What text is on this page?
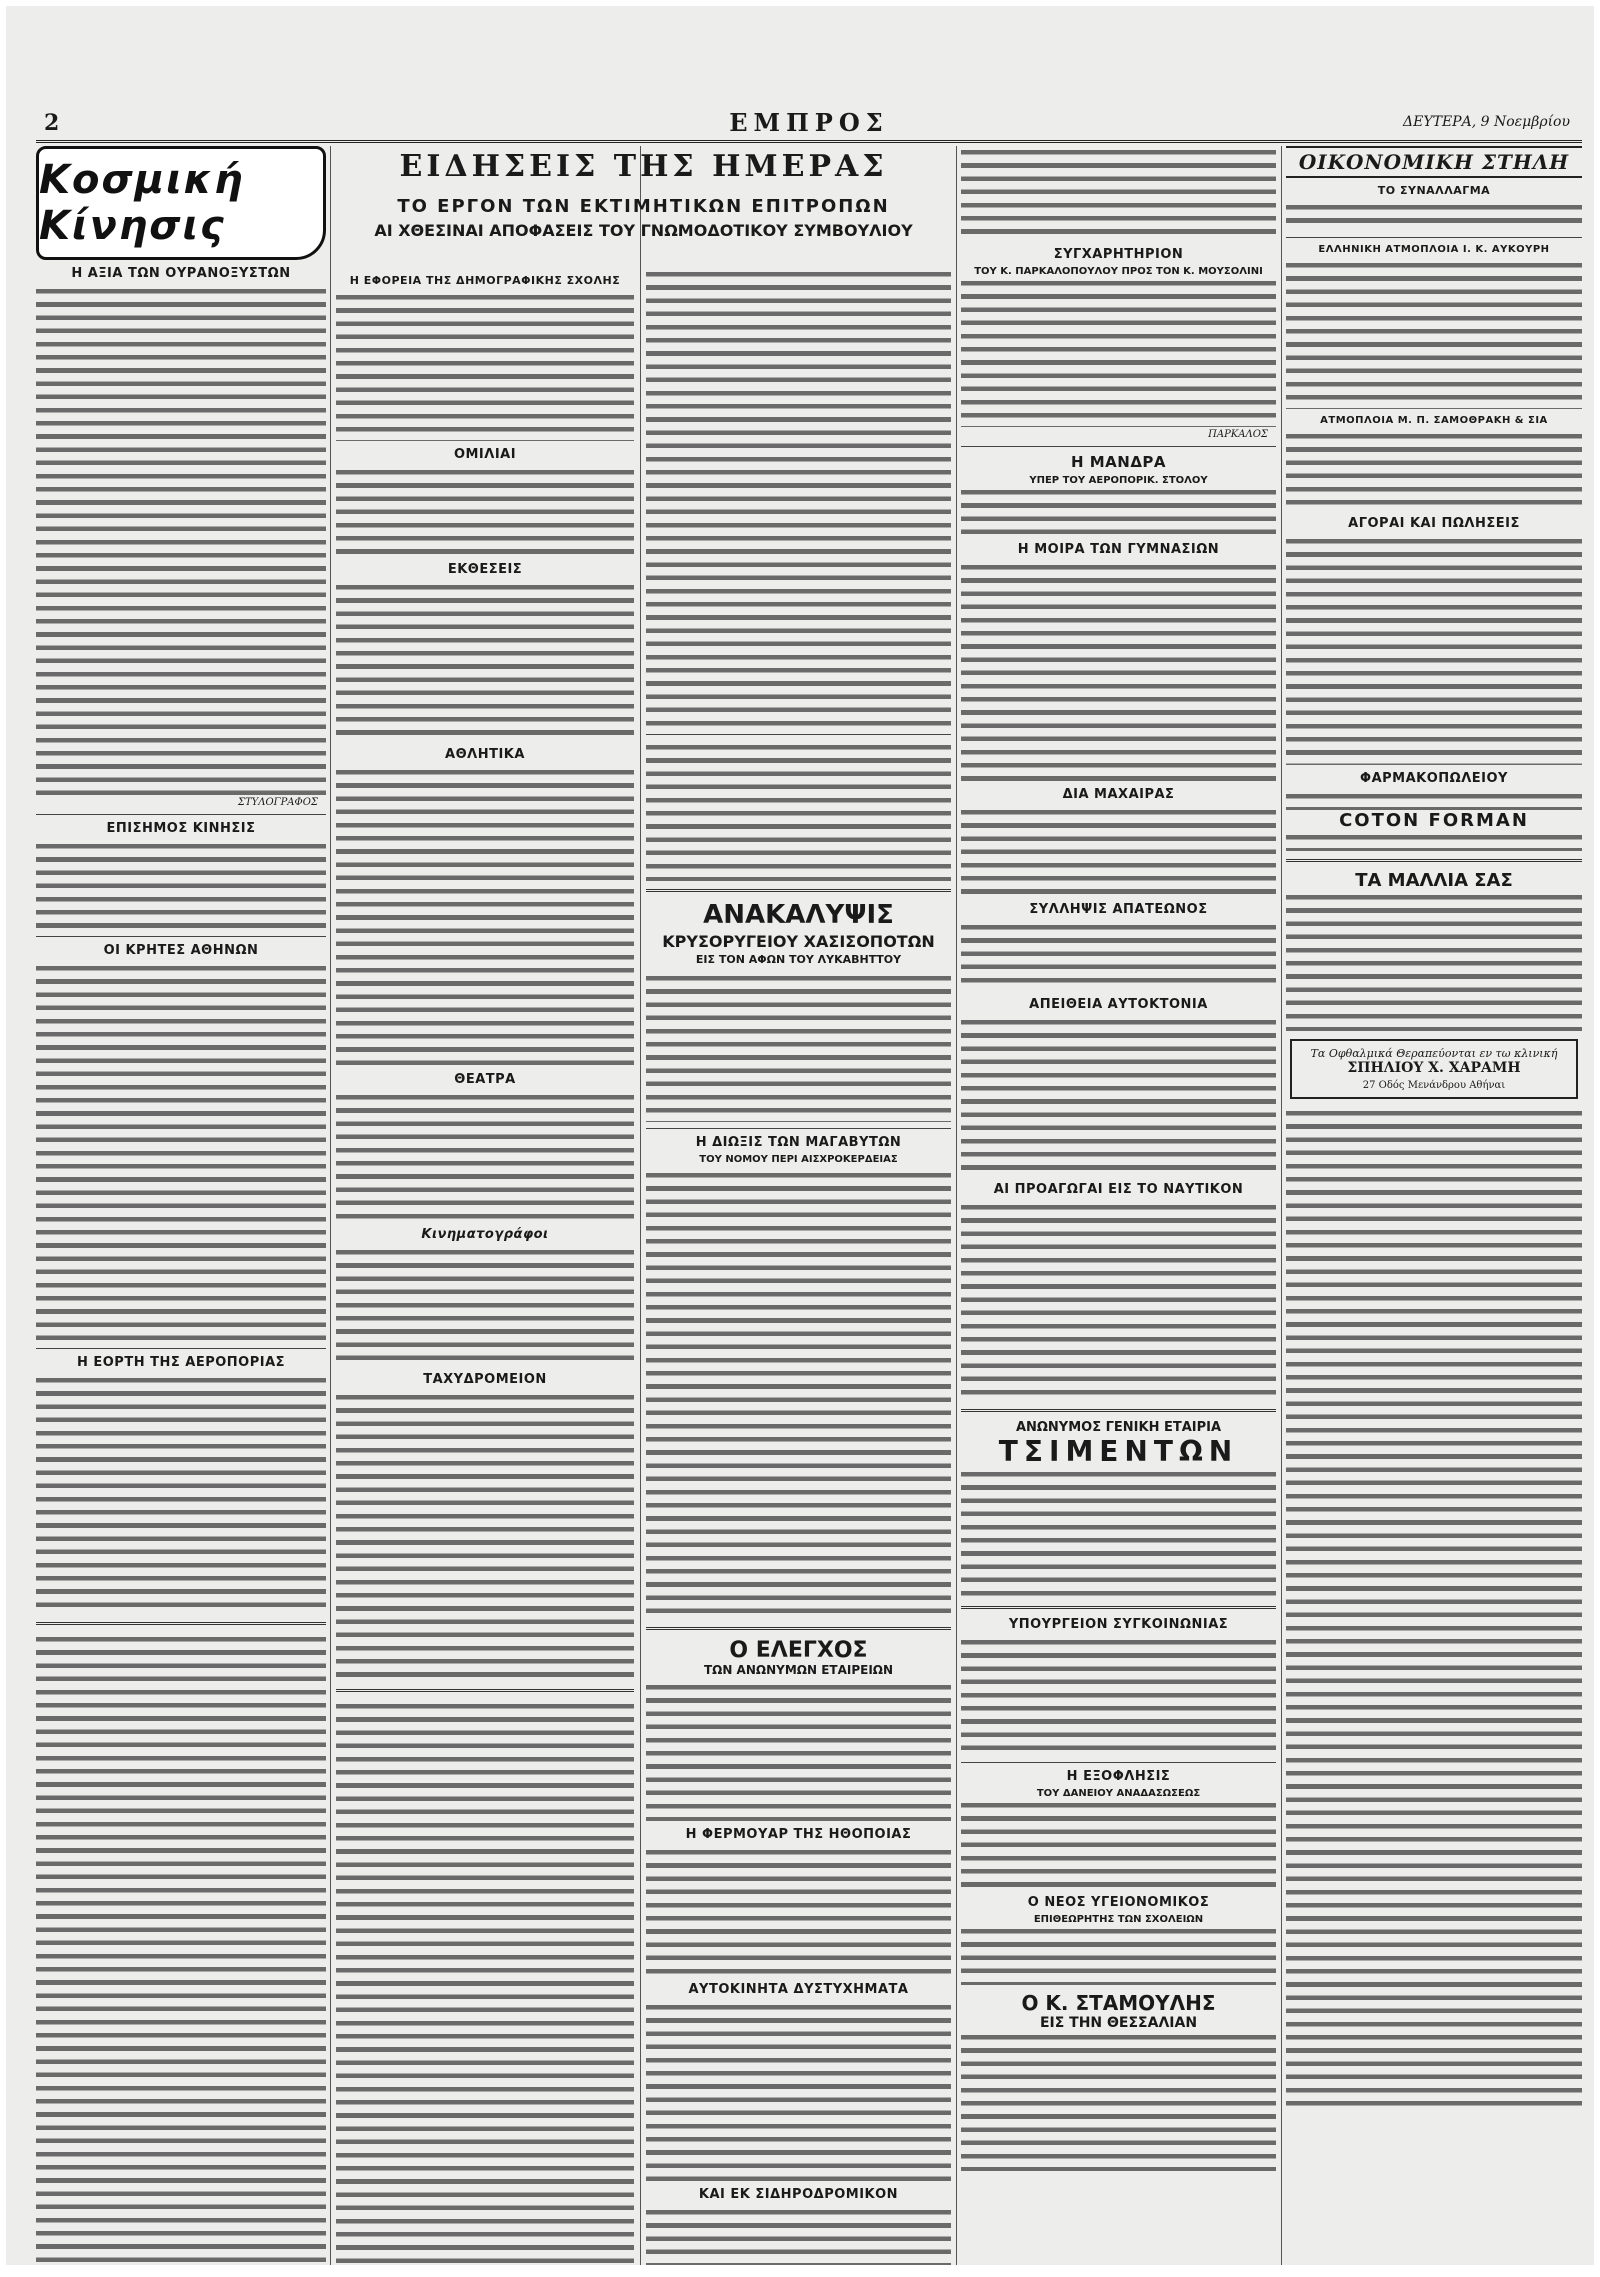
2	ΕΜΠΡΟΣ	ΔΕΥΤΕΡΑ, 9 Νοεμβρίου
Κοσμική Κίνησις
Η ΑΞΙΑ ΤΩΝ ΟΥΡΑΝΟΞΥΣΤΩΝ

ΣΤΥΛΟΓΡΑΦΟΣ
ΕΠΙΣΗΜΟΣ ΚΙΝΗΣΙΣ

ΟΙ ΚΡΗΤΕΣ ΑΘΗΝΩΝ

Η ΕΟΡΤΗ ΤΗΣ ΑΕΡΟΠΟΡΙΑΣ

ΕΙΔΗΣΕΙΣ ΤΗΣ ΗΜΕΡΑΣ
ΤΟ ΕΡΓΟΝ ΤΩΝ ΕΚΤΙΜΗΤΙΚΩΝ ΕΠΙΤΡΟΠΩΝ
ΑΙ ΧΘΕΣΙΝΑΙ ΑΠΟΦΑΣΕΙΣ ΤΟΥ ΓΝΩΜΟΔΟΤΙΚΟΥ ΣΥΜΒΟΥΛΙΟΥ
Η ΕΦΟΡΕΙΑ ΤΗΣ ΔΗΜΟΓΡΑΦΙΚΗΣ ΣΧΟΛΗΣ

ΟΜΙΛΙΑΙ

ΕΚΘΕΣΕΙΣ

ΑΘΛΗΤΙΚΑ

ΘΕΑΤΡΑ

Κινηματογράφοι

ΤΑΧΥΔΡΟΜΕΙΟΝ

ΑΝΑΚΑΛΥΨΙΣ
ΚΡΥΣΟΡΥΓΕΙΟΥ ΧΑΣΙΣΟΠΟΤΩΝ
ΕΙΣ ΤΟΝ ΑΦΩΝ ΤΟΥ ΛΥΚΑΒΗΤΤΟΥ

Η ΔΙΩΞΙΣ ΤΩΝ ΜΑΓΑΒΥΤΩΝ
ΤΟΥ ΝΟΜΟΥ ΠΕΡΙ ΑΙΣΧΡΟΚΕΡΔΕΙΑΣ

Ο ΕΛΕΓΧΟΣ
ΤΩΝ ΑΝΩΝΥΜΩΝ ΕΤΑΙΡΕΙΩΝ

Η ΦΕΡΜΟΥΑΡ ΤΗΣ ΗΘΟΠΟΙΑΣ

ΑΥΤΟΚΙΝΗΤΑ ΔΥΣΤΥΧΗΜΑΤΑ

ΚΑΙ ΕΚ ΣΙΔΗΡΟΔΡΟΜΙΚΟΝ

ΣΥΓΧΑΡΗΤΗΡΙΟΝ
ΤΟΥ Κ. ΠΑΡΚΑΛΟΠΟΥΛΟΥ ΠΡΟΣ ΤΟΝ Κ. ΜΟΥΣΟΛΙΝΙ

ΠΑΡΚΑΛΟΣ
Η ΜΑΝΔΡΑ
ΥΠΕΡ ΤΟΥ ΑΕΡΟΠΟΡΙΚ. ΣΤΟΛΟΥ

Η ΜΟΙΡΑ ΤΩΝ ΓΥΜΝΑΣΙΩΝ

ΔΙΑ ΜΑΧΑΙΡΑΣ

ΣΥΛΛΗΨΙΣ ΑΠΑΤΕΩΝΟΣ

ΑΠΕΙΘΕΙΑ ΑΥΤΟΚΤΟΝΙΑ

ΑΙ ΠΡΟΑΓΩΓΑΙ ΕΙΣ ΤΟ ΝΑΥΤΙΚΟΝ

ΑΝΩΝΥΜΟΣ ΓΕΝΙΚΗ ΕΤΑΙΡΙΑ
ΤΣΙΜΕΝΤΩΝ

ΥΠΟΥΡΓΕΙΟΝ ΣΥΓΚΟΙΝΩΝΙΑΣ

Η ΕΞΟΦΛΗΣΙΣ
ΤΟΥ ΔΑΝΕΙΟΥ ΑΝΑΔΑΣΩΣΕΩΣ

Ο ΝΕΟΣ ΥΓΕΙΟΝΟΜΙΚΟΣ
ΕΠΙΘΕΩΡΗΤΗΣ ΤΩΝ ΣΧΟΛΕΙΩΝ

Ο Κ. ΣΤΑΜΟΥΛΗΣ
ΕΙΣ ΤΗΝ ΘΕΣΣΑΛΙΑΝ

ΟΙΚΟΝΟΜΙΚΗ ΣΤΗΛΗ
ΤΟ ΣΥΝΑΛΛΑΓΜΑ

ΕΛΛΗΝΙΚΗ ΑΤΜΟΠΛΟΙΑ Ι. Κ. ΑΥΚΟΥΡΗ

ΑΤΜΟΠΛΟΙΑ Μ. Π. ΣΑΜΟΘΡΑΚΗ & ΣΙΑ

ΑΓΟΡΑΙ ΚΑΙ ΠΩΛΗΣΕΙΣ

ΦΑΡΜΑΚΟΠΩΛΕΙΟΥ

COTON FORMAN

ΤΑ ΜΑΛΛΙΑ ΣΑΣ

Τα Οφθαλμικά Θεραπεύονται εν τω κλινική
ΣΠΗΛΙΟΥ Χ. ΧΑΡΑΜΗ
27 Οδός Μενάνδρου Αθήναι
